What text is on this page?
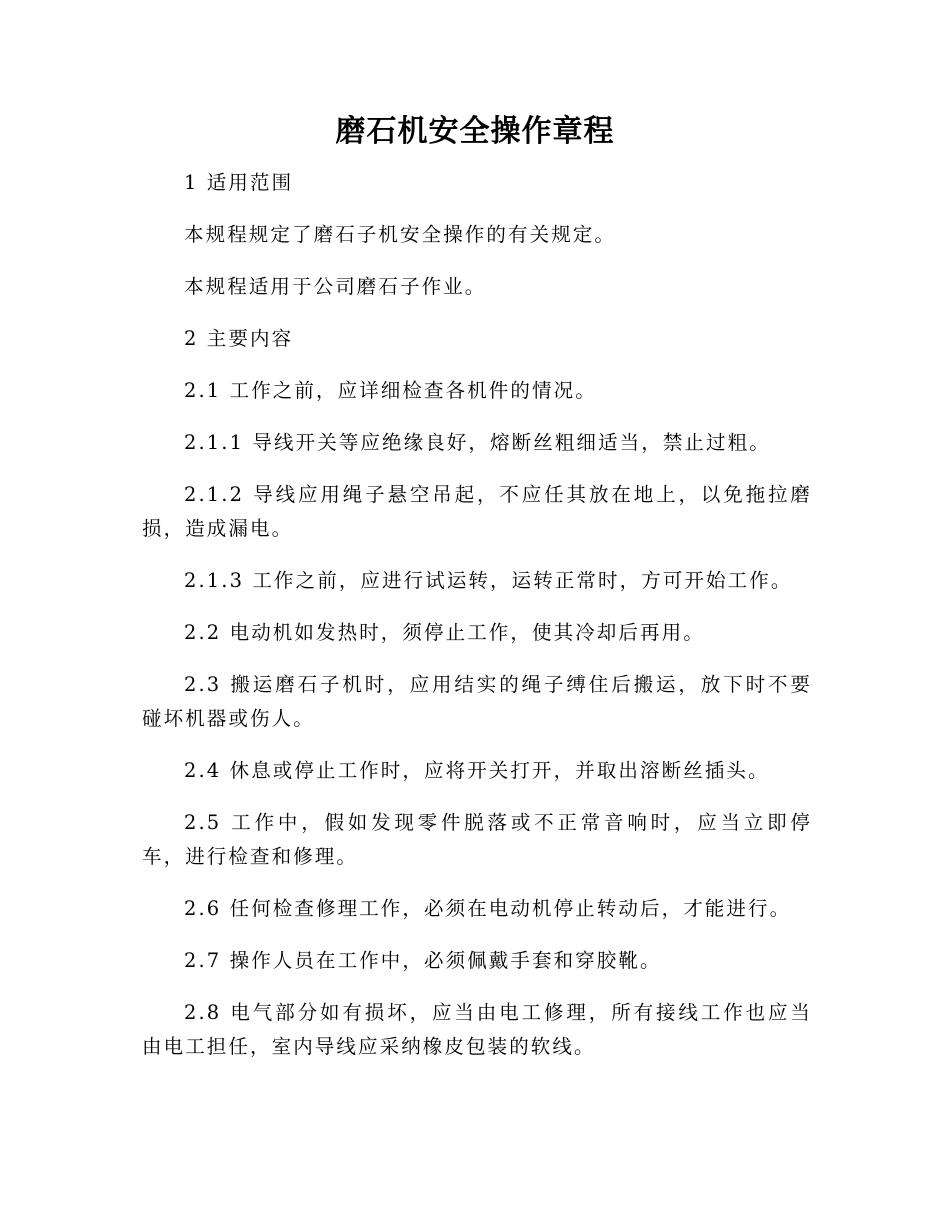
磨石机安全操作章程

1 适用范围

本规程规定了磨石子机安全操作的有关规定。

本规程适用于公司磨石子作业。

2 主要内容

2.1 工作之前，应详细检查各机件的情况。

2.1.1 导线开关等应绝缘良好，熔断丝粗细适当，禁止过粗。

2.1.2 导线应用绳子悬空吊起，不应任其放在地上，以免拖拉磨损，造成漏电。

2.1.3 工作之前，应进行试运转，运转正常时，方可开始工作。

2.2 电动机如发热时，须停止工作，使其冷却后再用。

2.3 搬运磨石子机时，应用结实的绳子缚住后搬运，放下时不要碰坏机器或伤人。

2.4 休息或停止工作时，应将开关打开，并取出溶断丝插头。

2.5 工作中，假如发现零件脱落或不正常音响时，应当立即停车，进行检查和修理。

2.6 任何检查修理工作，必须在电动机停止转动后，才能进行。

2.7 操作人员在工作中，必须佩戴手套和穿胶靴。

2.8 电气部分如有损坏，应当由电工修理，所有接线工作也应当由电工担任，室内导线应采纳橡皮包装的软线。
